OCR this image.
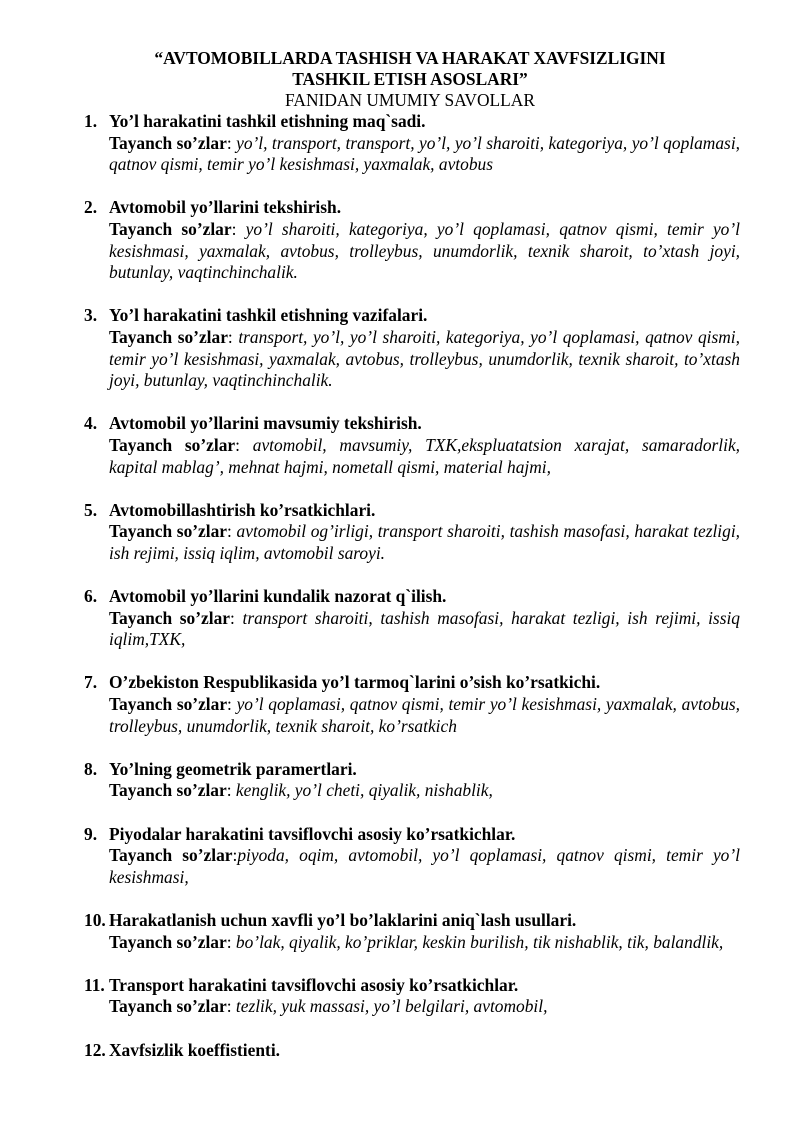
“AVTOMOBILLARDA TASHISH VA HARAKAT XAVFSIZLIGINI
TASHKIL ETISH ASOSLARI”
FANIDAN UMUMIY SAVOLLAR
1. Yo’l harakatini tashkil etishning maq`sadi.
Tayanch so’zlar: yo’l, transport, transport, yo’l, yo’l sharoiti, kategoriya, yo’l qoplamasi, qatnov qismi, temir yo’l kesishmasi, yaxmalak, avtobus
2. Avtomobil yo’llarini tekshirish.
Tayanch so’zlar: yo’l sharoiti, kategoriya, yo’l qoplamasi, qatnov qismi, temir yo’l kesishmasi, yaxmalak, avtobus, trolleybus, unumdorlik, texnik sharoit, to’xtash joyi, butunlay, vaqtinchinchalik.
3. Yo’l harakatini tashkil etishning vazifalari.
Tayanch so’zlar: transport, yo’l, yo’l sharoiti, kategoriya, yo’l qoplamasi, qatnov qismi, temir yo’l kesishmasi, yaxmalak, avtobus, trolleybus, unumdorlik, texnik sharoit, to’xtash joyi, butunlay, vaqtinchinchalik.
4. Avtomobil yo’llarini mavsumiy tekshirish.
Tayanch so’zlar: avtomobil, mavsumiy, TXK,ekspluatatsion xarajat, samaradorlik, kapital mablag’, mehnat hajmi, nometall qismi, material hajmi,
5. Avtomobillashtirish ko’rsatkichlari.
Tayanch so’zlar: avtomobil og’irligi, transport sharoiti, tashish masofasi, harakat tezligi, ish rejimi, issiq iqlim, avtomobil saroyi.
6. Avtomobil yo’llarini kundalik nazorat q`ilish.
Tayanch so’zlar: transport sharoiti, tashish masofasi, harakat tezligi, ish rejimi, issiq iqlim,TXK,
7. O’zbekiston Respublikasida yo’l tarmoq`larini o’sish ko’rsatkichi.
Tayanch so’zlar: yo’l qoplamasi, qatnov qismi, temir yo’l kesishmasi, yaxmalak, avtobus, trolleybus, unumdorlik, texnik sharoit, ko’rsatkich
8. Yo’lning geometrik paramertlari.
Tayanch so’zlar: kenglik, yo’l cheti, qiyalik, nishablik,
9. Piyodalar harakatini tavsiflovchi asosiy ko’rsatkichlar.
Tayanch so’zlar:piyoda, oqim, avtomobil, yo’l qoplamasi, qatnov qismi, temir yo’l kesishmasi,
10. Harakatlanish uchun xavfli yo’l bo’laklarini aniq`lash usullari.
Tayanch so’zlar: bo’lak, qiyalik, ko’priklar, keskin burilish, tik nishablik, tik, balandlik,
11. Transport harakatini tavsiflovchi asosiy ko’rsatkichlar.
Tayanch so’zlar: tezlik, yuk massasi, yo’l belgilari, avtomobil,
12. Xavfsizlik koeffistienti.
